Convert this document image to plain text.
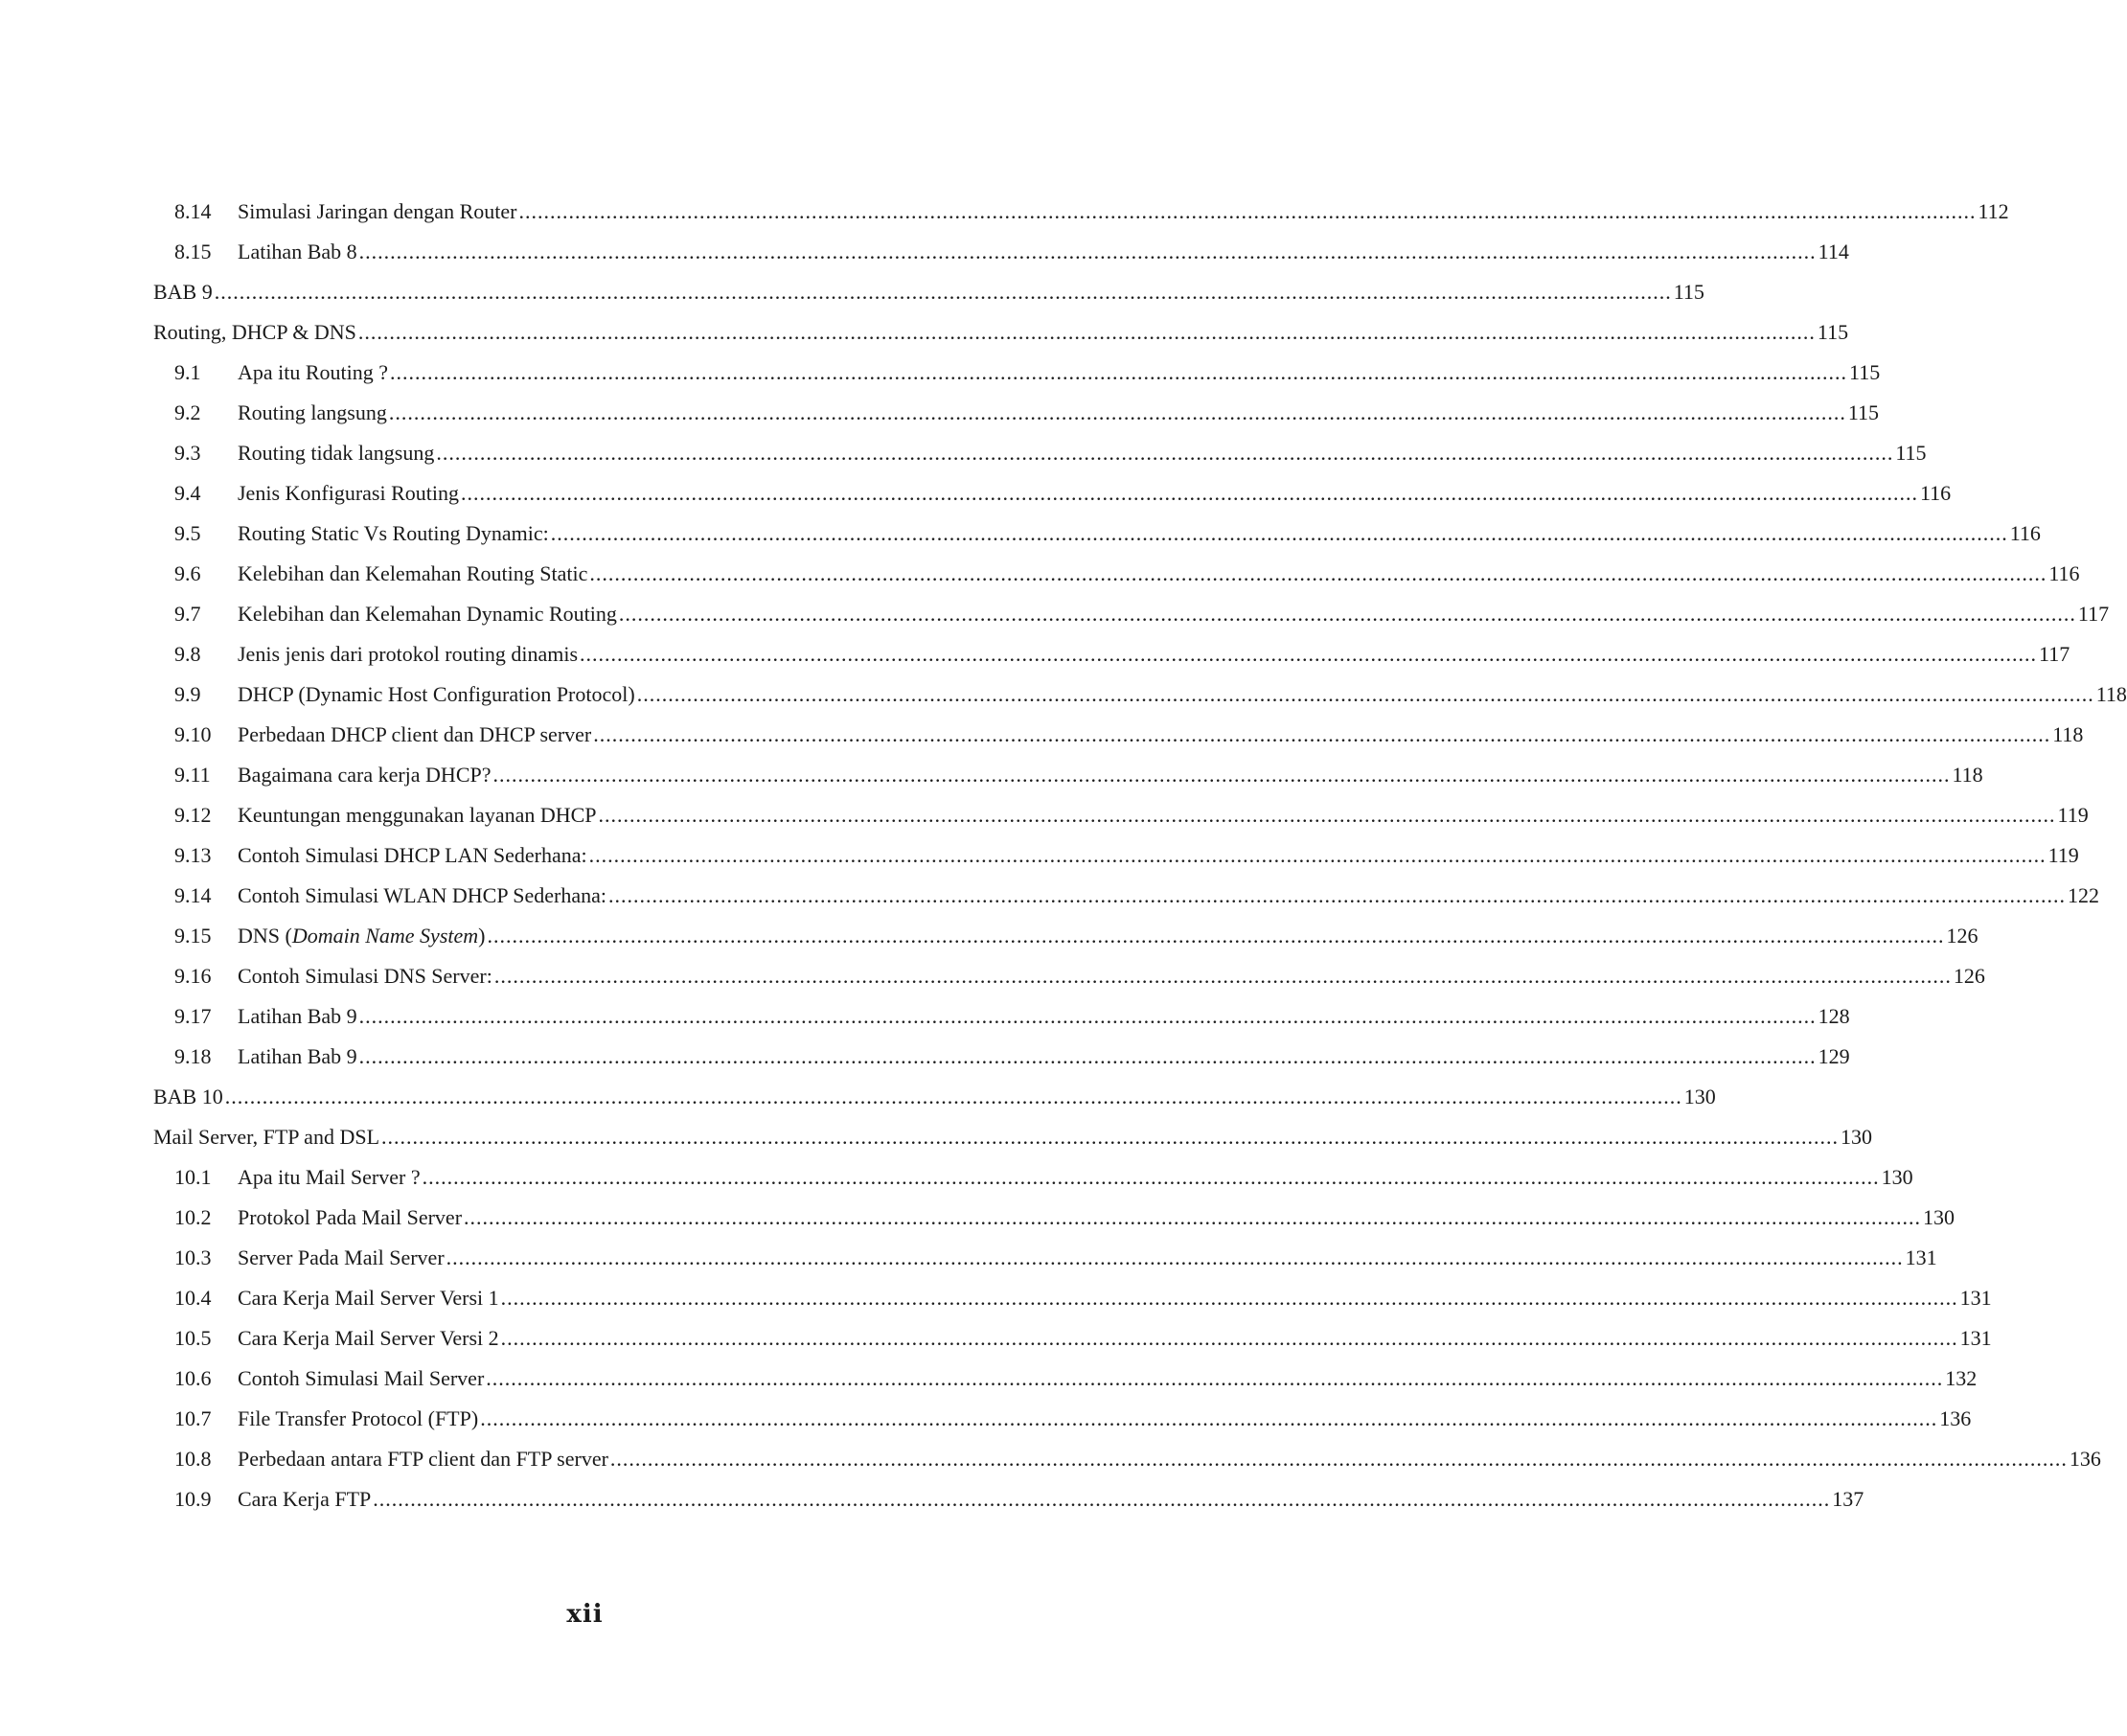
8.14	Simulasi Jaringan dengan Router .....	112
8.15	Latihan Bab 8 .....	114
BAB 9 .....	115
Routing, DHCP & DNS .....	115
9.1	Apa itu Routing ? .....	115
9.2	Routing langsung .....	115
9.3	Routing tidak langsung .....	115
9.4	Jenis Konfigurasi Routing .....	116
9.5	Routing Static Vs Routing Dynamic: .....	116
9.6	Kelebihan dan Kelemahan Routing Static .....	116
9.7	Kelebihan dan Kelemahan Dynamic Routing .....	117
9.8	Jenis jenis dari protokol routing dinamis .....	117
9.9	DHCP (Dynamic Host Configuration Protocol) .....	118
9.10	Perbedaan DHCP client dan DHCP server .....	118
9.11	Bagaimana cara kerja DHCP? .....	118
9.12	Keuntungan menggunakan layanan DHCP .....	119
9.13	Contoh Simulasi DHCP LAN Sederhana: .....	119
9.14	Contoh Simulasi WLAN DHCP Sederhana: .....	122
9.15	DNS (Domain Name System) .....	126
9.16	Contoh Simulasi DNS Server: .....	126
9.17	Latihan Bab 9 .....	128
9.18	Latihan Bab 9 .....	129
BAB 10 .....	130
Mail Server, FTP and DSL .....	130
10.1	Apa itu Mail Server ? .....	130
10.2	Protokol Pada Mail Server .....	130
10.3	Server Pada Mail Server .....	131
10.4	Cara Kerja Mail Server Versi 1 .....	131
10.5	Cara Kerja Mail Server Versi 2 .....	131
10.6	Contoh Simulasi Mail Server .....	132
10.7	File Transfer Protocol (FTP) .....	136
10.8	Perbedaan antara FTP client dan FTP server .....	136
10.9	Cara Kerja FTP .....	137
xii
